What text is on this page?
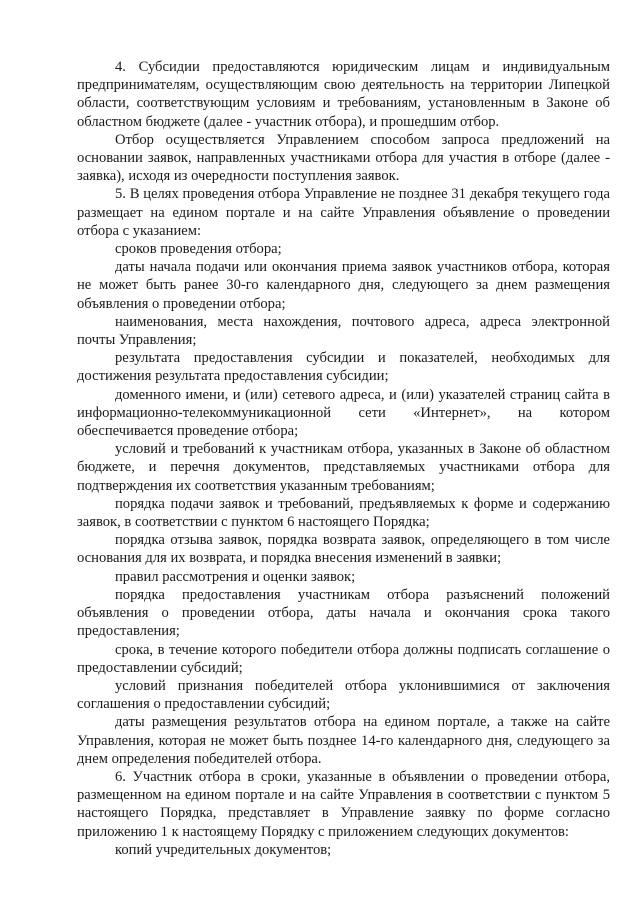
4. Субсидии предоставляются юридическим лицам и индивидуальным предпринимателям, осуществляющим свою деятельность на территории Липецкой области, соответствующим условиям и требованиям, установленным в Законе об областном бюджете (далее - участник отбора), и прошедшим отбор.

Отбор осуществляется Управлением способом запроса предложений на основании заявок, направленных участниками отбора для участия в отборе (далее - заявка), исходя из очередности поступления заявок.

5. В целях проведения отбора Управление не позднее 31 декабря текущего года размещает на едином портале и на сайте Управления объявление о проведении отбора с указанием:

сроков проведения отбора;

даты начала подачи или окончания приема заявок участников отбора, которая не может быть ранее 30-го календарного дня, следующего за днем размещения объявления о проведении отбора;

наименования, места нахождения, почтового адреса, адреса электронной почты Управления;

результата предоставления субсидии и показателей, необходимых для достижения результата предоставления субсидии;

доменного имени, и (или) сетевого адреса, и (или) указателей страниц сайта в информационно-телекоммуникационной сети «Интернет», на котором обеспечивается проведение отбора;

условий и требований к участникам отбора, указанных в Законе об областном бюджете, и перечня документов, представляемых участниками отбора для подтверждения их соответствия указанным требованиям;

порядка подачи заявок и требований, предъявляемых к форме и содержанию заявок, в соответствии с пунктом 6 настоящего Порядка;

порядка отзыва заявок, порядка возврата заявок, определяющего в том числе основания для их возврата, и порядка внесения изменений в заявки;

правил рассмотрения и оценки заявок;

порядка предоставления участникам отбора разъяснений положений объявления о проведении отбора, даты начала и окончания срока такого предоставления;

срока, в течение которого победители отбора должны подписать соглашение о предоставлении субсидий;

условий признания победителей отбора уклонившимися от заключения соглашения о предоставлении субсидий;

даты размещения результатов отбора на едином портале, а также на сайте Управления, которая не может быть позднее 14-го календарного дня, следующего за днем определения победителей отбора.

6. Участник отбора в сроки, указанные в объявлении о проведении отбора, размещенном на едином портале и на сайте Управления в соответствии с пунктом 5 настоящего Порядка, представляет в Управление заявку по форме согласно приложению 1 к настоящему Порядку с приложением следующих документов:

копий учредительных документов;
